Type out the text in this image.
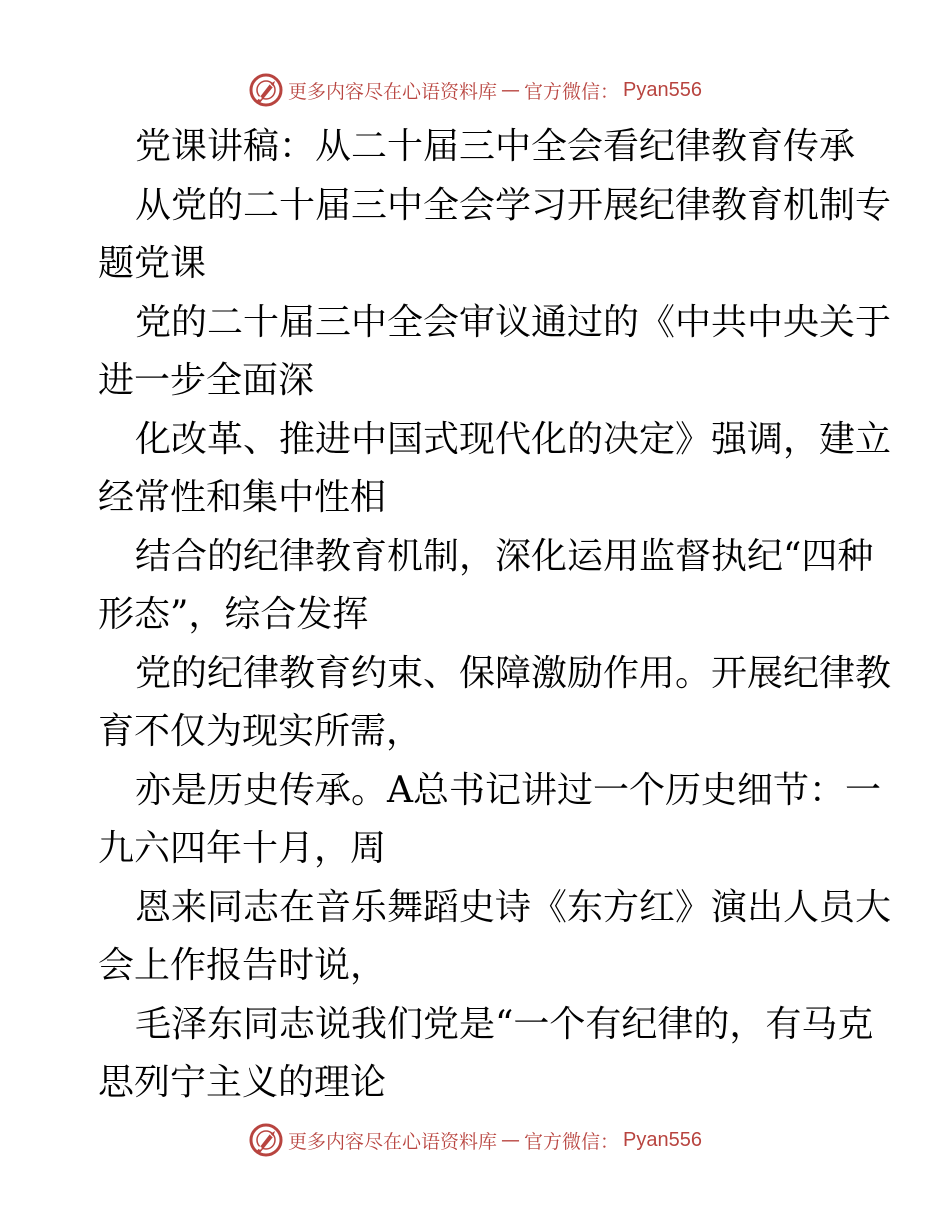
更多内容尽在心语资料库 — 官方微信： Pyan556
党课讲稿：从二十届三中全会看纪律教育传承
从党的二十届三中全会学习开展纪律教育机制专
题党课
党的二十届三中全会审议通过的《中共中央关于
进一步全面深
化改革、推进中国式现代化的决定》强调，建立
经常性和集中性相
结合的纪律教育机制，深化运用监督执纪“四种
形态”，综合发挥
党的纪律教育约束、保障激励作用。开展纪律教
育不仅为现实所需，
亦是历史传承。A总书记讲过一个历史细节：一
九六四年十月，周
恩来同志在音乐舞蹈史诗《东方红》演出人员大
会上作报告时说，
毛泽东同志说我们党是“一个有纪律的，有马克
思列宁主义的理论
更多内容尽在心语资料库 — 官方微信： Pyan556
